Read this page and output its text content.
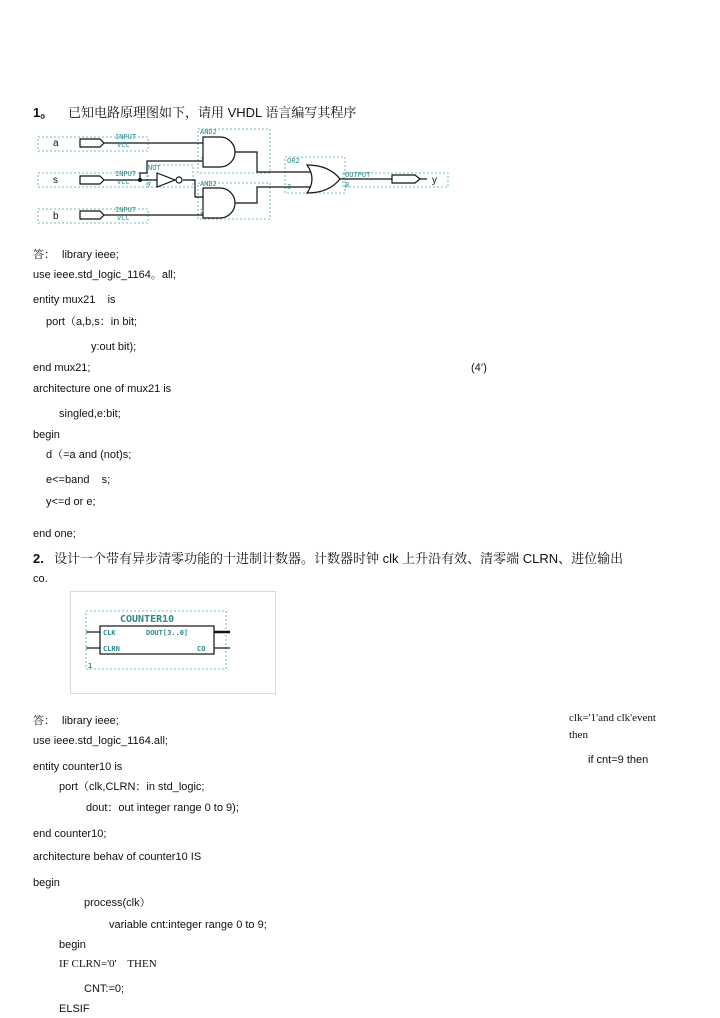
1。 已知电路原理图如下，请用 VHDL 语言编写其程序
INPUT
VCC
INPUT
VCC
INPUT
VCC
NOT
AND2
AND2
OR2
OUTPUT
1
2
3
7	8
a
s
b
y
答： library ieee;
use ieee.std_logic_1164。all;
entity mux21    is
port（a,b,s：in bit;
y:out bit);
end mux21;	(4’)
architecture one of mux21 is
singled,e:bit;
begin
d（=a and (not)s;
e<=band    s;
y<=d or e;
end one;
2. 设计一个带有异步清零功能的十进制计数器。计数器时钟 clk 上升沿有效、清零端 CLRN、进位输出
co.
COUNTER10
CLK
CLRN
DOUT[3..0]
CO
1
答： library ieee;
use ieee.std_logic_1164.all;
entity counter10 is
port（clk,CLRN：in std_logic;
dout：out integer range 0 to 9);
end counter10;
architecture behav of counter10 IS
begin
process(clk）
variable cnt:integer range 0 to 9;
begin
IF CLRN='0'    THEN
CNT:=0;
ELSIF
clk='1'and clk'event
then
if cnt=9 then
